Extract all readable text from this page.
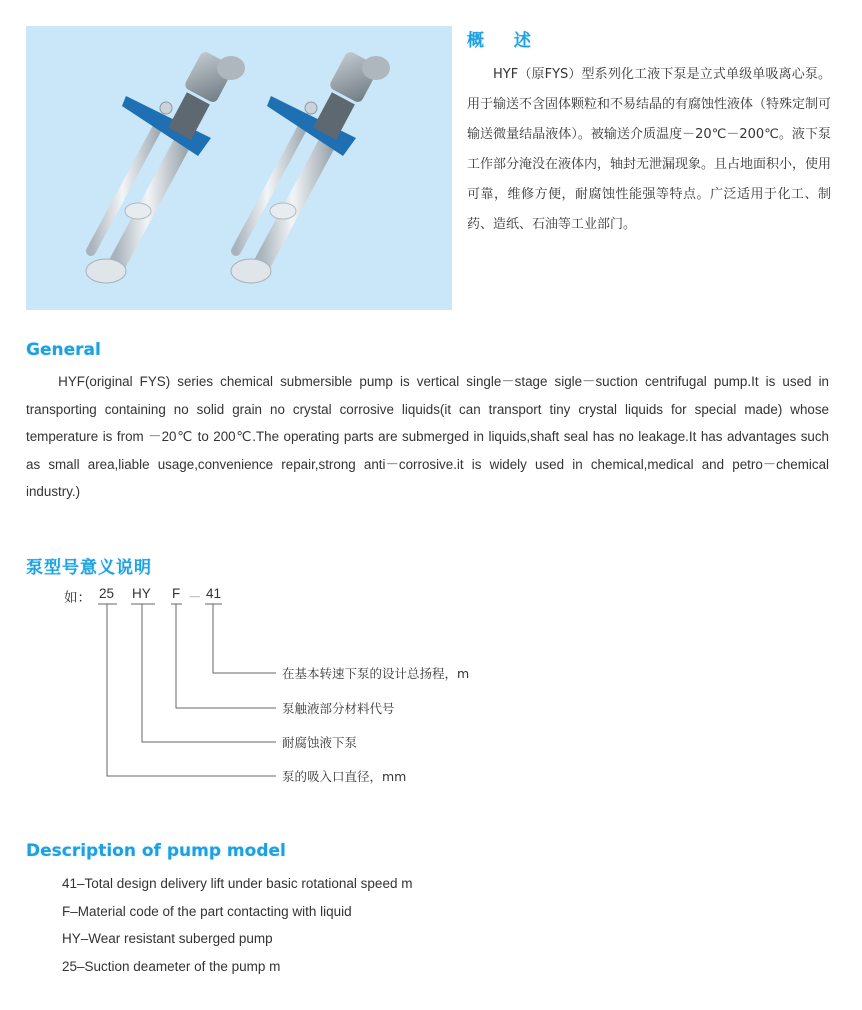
概 述

HYF（原FYS）型系列化工液下泵是立式单级单吸离心泵。用于输送不含固体颗粒和不易结晶的有腐蚀性液体（特殊定制可输送微量结晶液体）。被输送介质温度－20℃－200℃。液下泵工作部分淹没在液体内，轴封无泄漏现象。且占地面积小，使用可靠，维修方便，耐腐蚀性能强等特点。广泛适用于化工、制药、造纸、石油等工业部门。

General

HYF(original FYS) series chemical submersible pump is vertical single－stage sigle－suction centrifugal pump.It is used in transporting containing no solid grain no crystal corrosive liquids(it can transport tiny crystal liquids for special made) whose temperature is from －20℃ to 200℃.The operating parts are submerged in liquids,shaft seal has no leakage.It has advantages such as small area,liable usage,convenience repair,strong anti－corrosive.it is widely used in chemical,medical and petro－chemical industry.)

泵型号意义说明
如： 25 HY F － 41
在基本转速下泵的设计总扬程，m
泵触液部分材料代号
耐腐蚀液下泵
泵的吸入口直径，mm
Description of pump model
41–Total design delivery lift under basic rotational speed m
F–Material code of the part contacting with liquid
HY–Wear resistant suberged pump
25–Suction deameter of the pump m
